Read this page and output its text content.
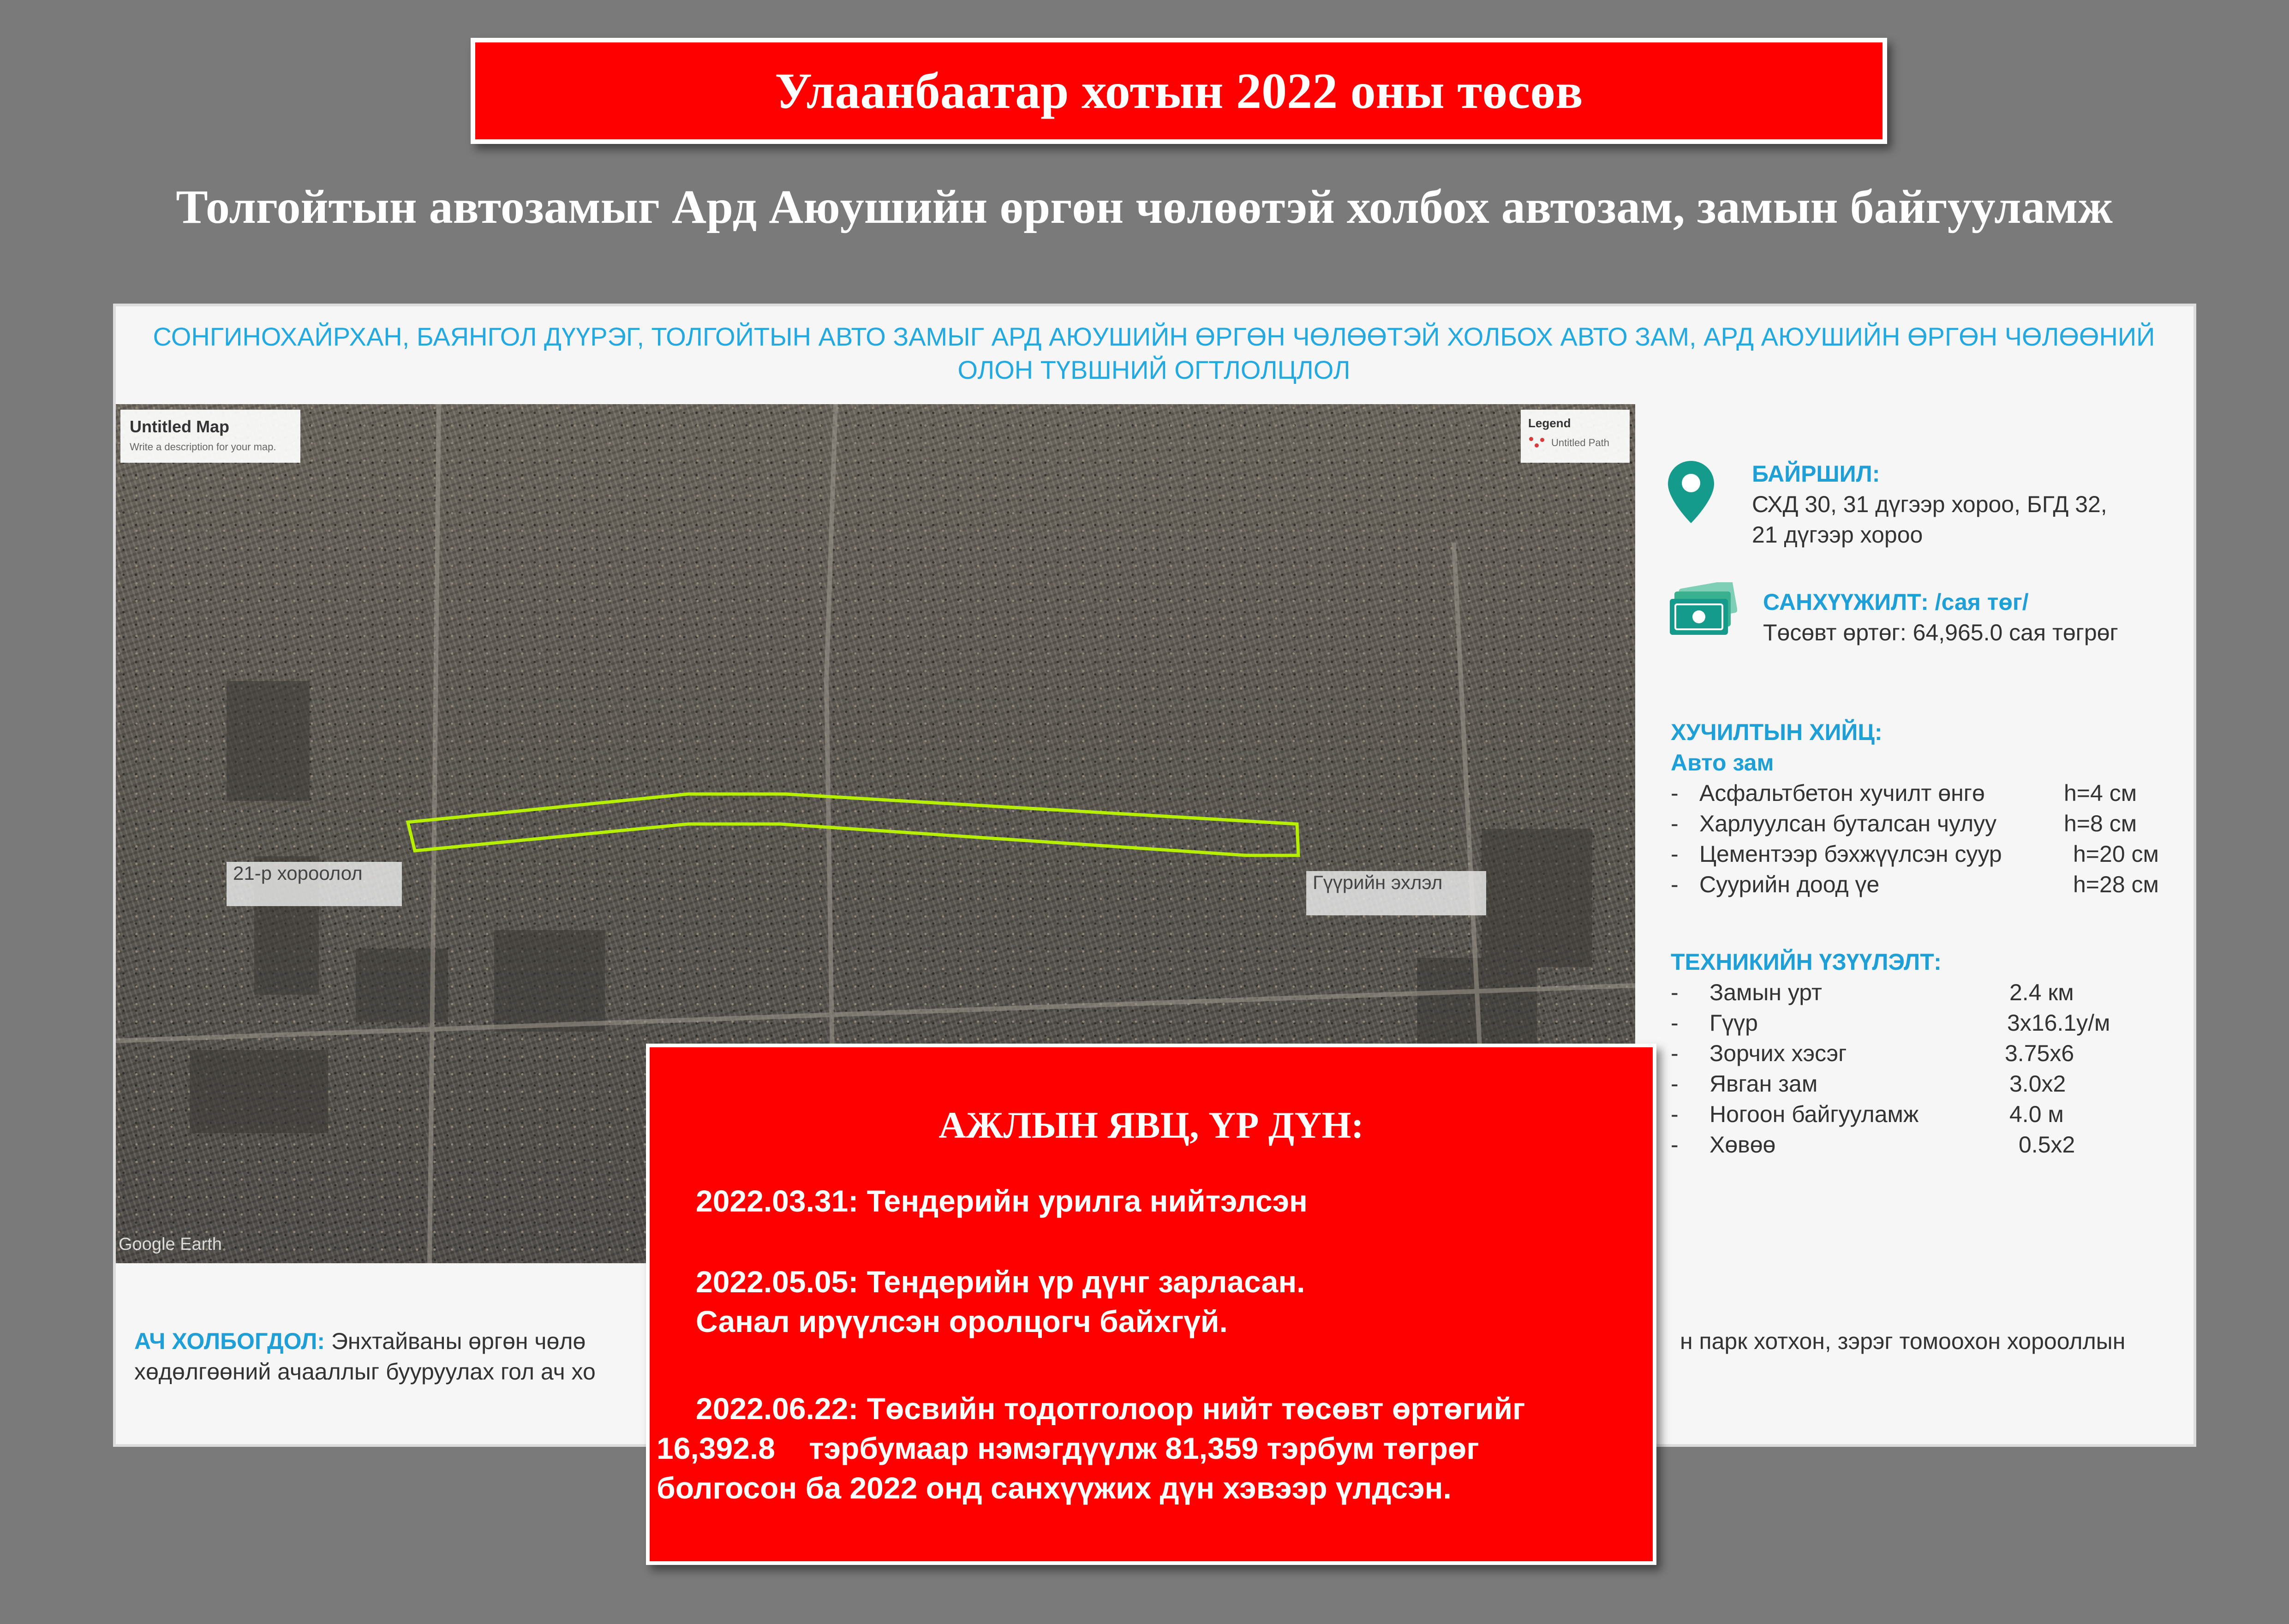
Улаанбаатар хотын 2022 оны төсөв
Толгойтын автозамыг Ард Аюушийн өргөн чөлөөтэй холбох автозам, замын байгууламж
СОНГИНОХАЙРХАН, БАЯНГОЛ ДҮҮРЭГ, ТОЛГОЙТЫН АВТО ЗАМЫГ АРД АЮУШИЙН ӨРГӨН ЧӨЛӨӨТЭЙ ХОЛБОХ АВТО ЗАМ, АРД АЮУШИЙН ӨРГӨН ЧӨЛӨӨНИЙ
ОЛОН ТҮВШНИЙ ОГТЛОЛЦЛОЛ
Untitled Map
Write a description for your map.
Legend
Untitled Path
21-р хороолол	Гүүрийн эхлэл
Google Earth
БАЙРШИЛ:
СХД 30, 31 дүгээр хороо, БГД 32,
21 дүгээр хороо
САНХҮҮЖИЛТ: /сая төг/
Төсөвт өртөг: 64,965.0 сая төгрөг
ХУЧИЛТЫН ХИЙЦ:
Авто зам
- Асфальтбетон хучилт өнгө	h=4 см
- Харлуулсан буталсан чулуу	h=8 см
- Цементээр бэхжүүлсэн суур	h=20 см
- Суурийн доод үе	h=28 см
ТЕХНИКИЙН ҮЗҮҮЛЭЛТ:
-	Замын урт	2.4 км
-	Гүүр	3х16.1у/м
-	Зорчих хэсэг	3.75х6
-	Явган зам	3.0х2
-	Ногоон байгууламж	4.0 м
-	Хөвөө	0.5х2
АЧ ХОЛБОГДОЛ: Энхтайваны өргөн чөлө
хөдөлгөөний ачааллыг бууруулах гол ач хо
н парк хотхон, зэрэг томоохон хорооллын
АЖЛЫН ЯВЦ, ҮР ДҮН:
2022.03.31: Тендерийн урилга нийтэлсэн
2022.05.05: Тендерийн үр дүнг зарласан.
Санал ирүүлсэн оролцогч байхгүй.
2022.06.22: Төсвийн тодотголоор нийт төсөвт өртөгийг
16,392.8    тэрбумаар нэмэгдүүлж 81,359 тэрбум төгрөг
болгосон ба 2022 онд санхүүжих дүн хэвээр үлдсэн.
